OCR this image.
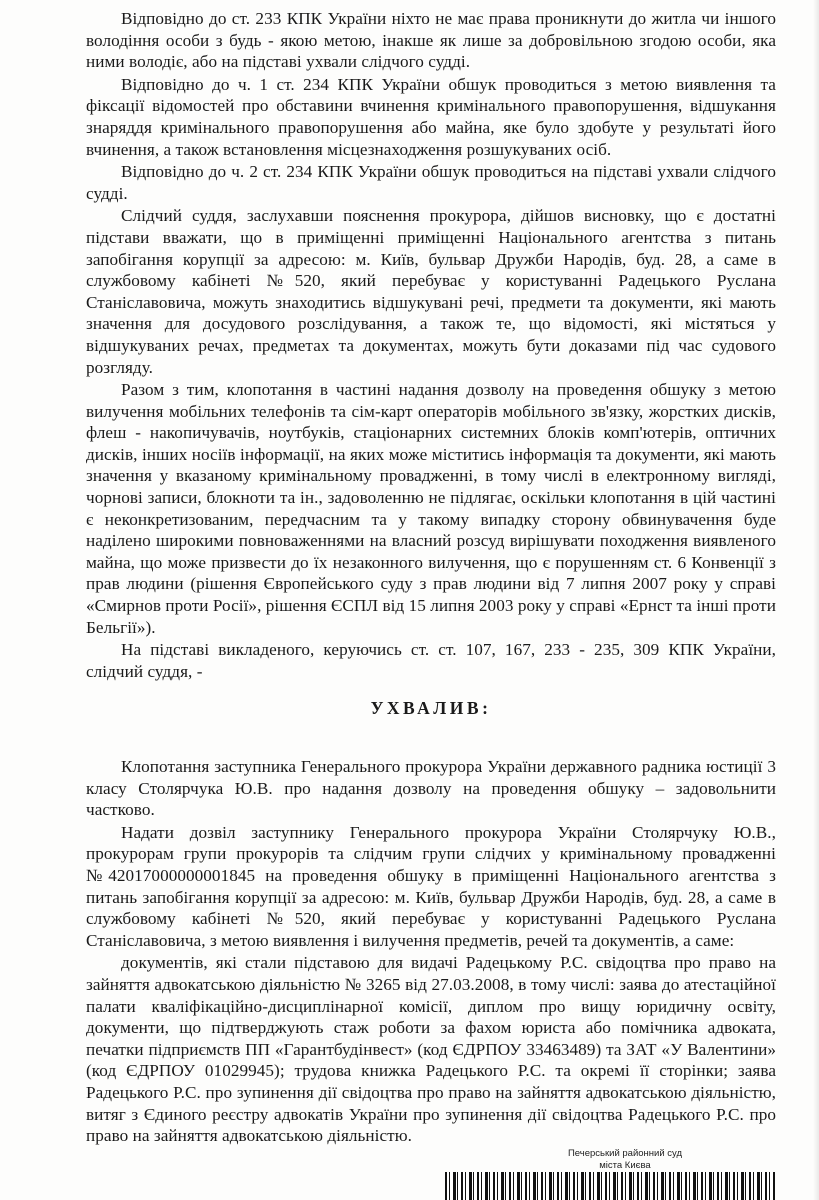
Відповідно до ст. 233 КПК України ніхто не має права проникнути до житла чи іншого володіння особи з будь - якою метою, інакше як лише за добровільною згодою особи, яка ними володіє, або на підставі ухвали слідчого судді.

Відповідно до ч. 1 ст. 234 КПК України обшук проводиться з метою виявлення та фіксації відомостей про обставини вчинення кримінального правопорушення, відшукання знаряддя кримінального правопорушення або майна, яке було здобуте у результаті його вчинення, а також встановлення місцезнаходження розшукуваних осіб.

Відповідно до ч. 2 ст. 234 КПК України обшук проводиться на підставі ухвали слідчого судді.

Слідчий суддя, заслухавши пояснення прокурора, дійшов висновку, що є достатні підстави вважати, що в приміщенні приміщенні Національного агентства з питань запобігання корупції за адресою: м. Київ, бульвар Дружби Народів, буд. 28, а саме в службовому кабінеті №520, який перебуває у користуванні Радецького Руслана Станіславовича, можуть знаходитись відшукувані речі, предмети та документи, які мають значення для досудового розслідування, а також те, що відомості, які містяться у відшукуваних речах, предметах та документах, можуть бути доказами під час судового розгляду.

Разом з тим, клопотання в частині надання дозволу на проведення обшуку з метою вилучення мобільних телефонів та сім-карт операторів мобільного зв'язку, жорстких дисків, флеш - накопичувачів, ноутбуків, стаціонарних системних блоків комп'ютерів, оптичних дисків, інших носіїв інформації, на яких може міститись інформація та документи, які мають значення у вказаному кримінальному провадженні, в тому числі в електронному вигляді, чорнові записи, блокноти та ін., задоволенню не підлягає, оскільки клопотання в цій частині є неконкретизованим, передчасним та у такому випадку сторону обвинувачення буде наділено широкими повноваженнями на власний розсуд вирішувати походження виявленого майна, що може призвести до їх незаконного вилучення, що є порушенням ст. 6 Конвенції з прав людини (рішення Європейського суду з прав людини від 7 липня 2007 року у справі «Смирнов проти Росії», рішення ЄСПЛ від 15 липня 2003 року у справі «Ернст та інші проти Бельгії»).

На підставі викладеного, керуючись ст. ст. 107, 167, 233 - 235, 309 КПК України, слідчий суддя, -

УХВАЛИВ:

Клопотання заступника Генерального прокурора України державного радника юстиції 3 класу Столярчука Ю.В. про надання дозволу на проведення обшуку – задовольнити частково.

Надати дозвіл заступнику Генерального прокурора України Столярчуку Ю.В., прокурорам групи прокурорів та слідчим групи слідчих у кримінальному провадженні №42017000000001845 на проведення обшуку в приміщенні Національного агентства з питань запобігання корупції за адресою: м. Київ, бульвар Дружби Народів, буд. 28, а саме в службовому кабінеті №520, який перебуває у користуванні Радецького Руслана Станіславовича, з метою виявлення і вилучення предметів, речей та документів, а саме:

документів, які стали підставою для видачі Радецькому Р.С. свідоцтва про право на зайняття адвокатською діяльністю № 3265 від 27.03.2008, в тому числі: заява до атестаційної палати кваліфікаційно-дисциплінарної комісії, диплом про вищу юридичну освіту, документи, що підтверджують стаж роботи за фахом юриста або помічника адвоката, печатки підприємств ПП «Гарантбудінвест» (код ЄДРПОУ 33463489) та ЗАТ «У Валентини» (код ЄДРПОУ 01029945); трудова книжка Радецького Р.С. та окремі її сторінки; заява Радецького Р.С. про зупинення дії свідоцтва про право на зайняття адвокатською діяльністю, витяг з Єдиного реєстру адвокатів України про зупинення дії свідоцтва Радецького Р.С. про право на зайняття адвокатською діяльністю.

Печерський районний суд
міста Києва
